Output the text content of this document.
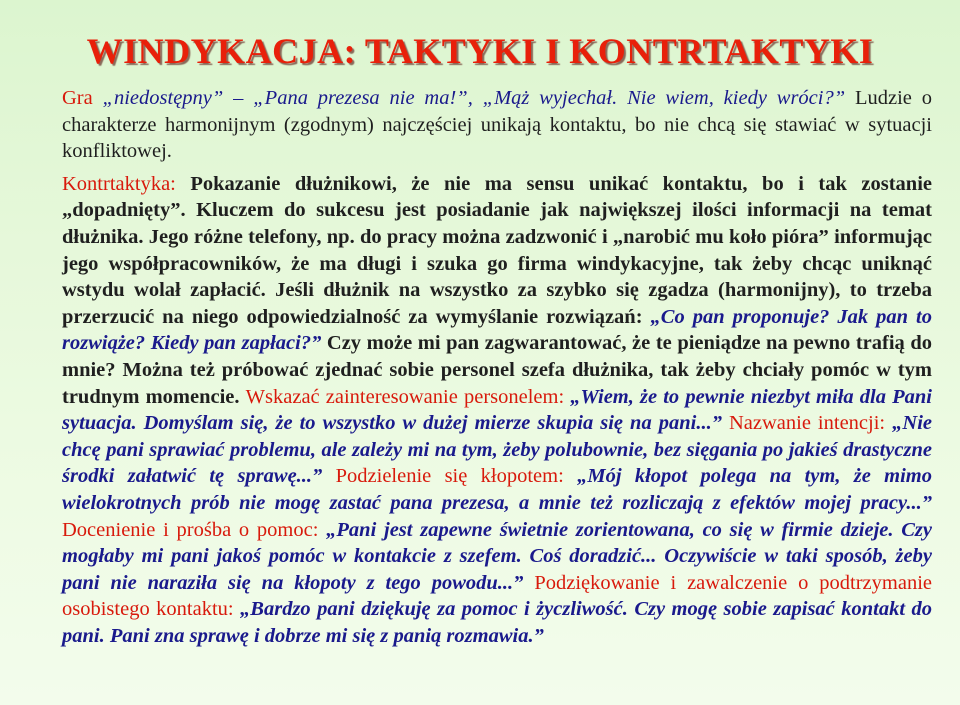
WINDYKACJA: TAKTYKI I KONTRTAKTYKI

Gra „niedostępny” – „Pana prezesa nie ma!”, „Mąż wyjechał. Nie wiem, kiedy wróci?” Ludzie o charakterze harmonijnym (zgodnym) najczęściej unikają kontaktu, bo nie chcą się stawiać w sytuacji konfliktowej.

Kontrtaktyka: Pokazanie dłużnikowi, że nie ma sensu unikać kontaktu, bo i tak zostanie „dopadnięty”. Kluczem do sukcesu jest posiadanie jak największej ilości informacji na temat dłużnika. Jego różne telefony, np. do pracy można zadzwonić i „narobić mu koło pióra” informując jego współpracowników, że ma długi i szuka go firma windykacyjne, tak żeby chcąc uniknąć wstydu wolał zapłacić. Jeśli dłużnik na wszystko za szybko się zgadza (harmonijny), to trzeba przerzucić na niego odpowiedzialność za wymyślanie rozwiązań: „Co pan proponuje? Jak pan to rozwiąże? Kiedy pan zapłaci?” Czy może mi pan zagwarantować, że te pieniądze na pewno trafią do mnie? Można też próbować zjednać sobie personel szefa dłużnika, tak żeby chciały pomóc w tym trudnym momencie. Wskazać zainteresowanie personelem: „Wiem, że to pewnie niezbyt miła dla Pani sytuacja. Domyślam się, że to wszystko w dużej mierze skupia się na pani...” Nazwanie intencji: „Nie chcę pani sprawiać problemu, ale zależy mi na tym, żeby polubownie, bez sięgania po jakieś drastyczne środki załatwić tę sprawę...” Podzielenie się kłopotem: „Mój kłopot polega na tym, że mimo wielokrotnych prób nie mogę zastać pana prezesa, a mnie też rozliczają z efektów mojej pracy...” Docenienie i prośba o pomoc: „Pani jest zapewne świetnie zorientowana, co się w firmie dzieje. Czy mogłaby mi pani jakoś pomóc w kontakcie z szefem. Coś doradzić... Oczywiście w taki sposób, żeby pani nie naraziła się na kłopoty z tego powodu...” Podziękowanie i zawalczenie o podtrzymanie osobistego kontaktu: „Bardzo pani dziękuję za pomoc i życzliwość. Czy mogę sobie zapisać kontakt do pani. Pani zna sprawę i dobrze mi się z panią rozmawia.”
